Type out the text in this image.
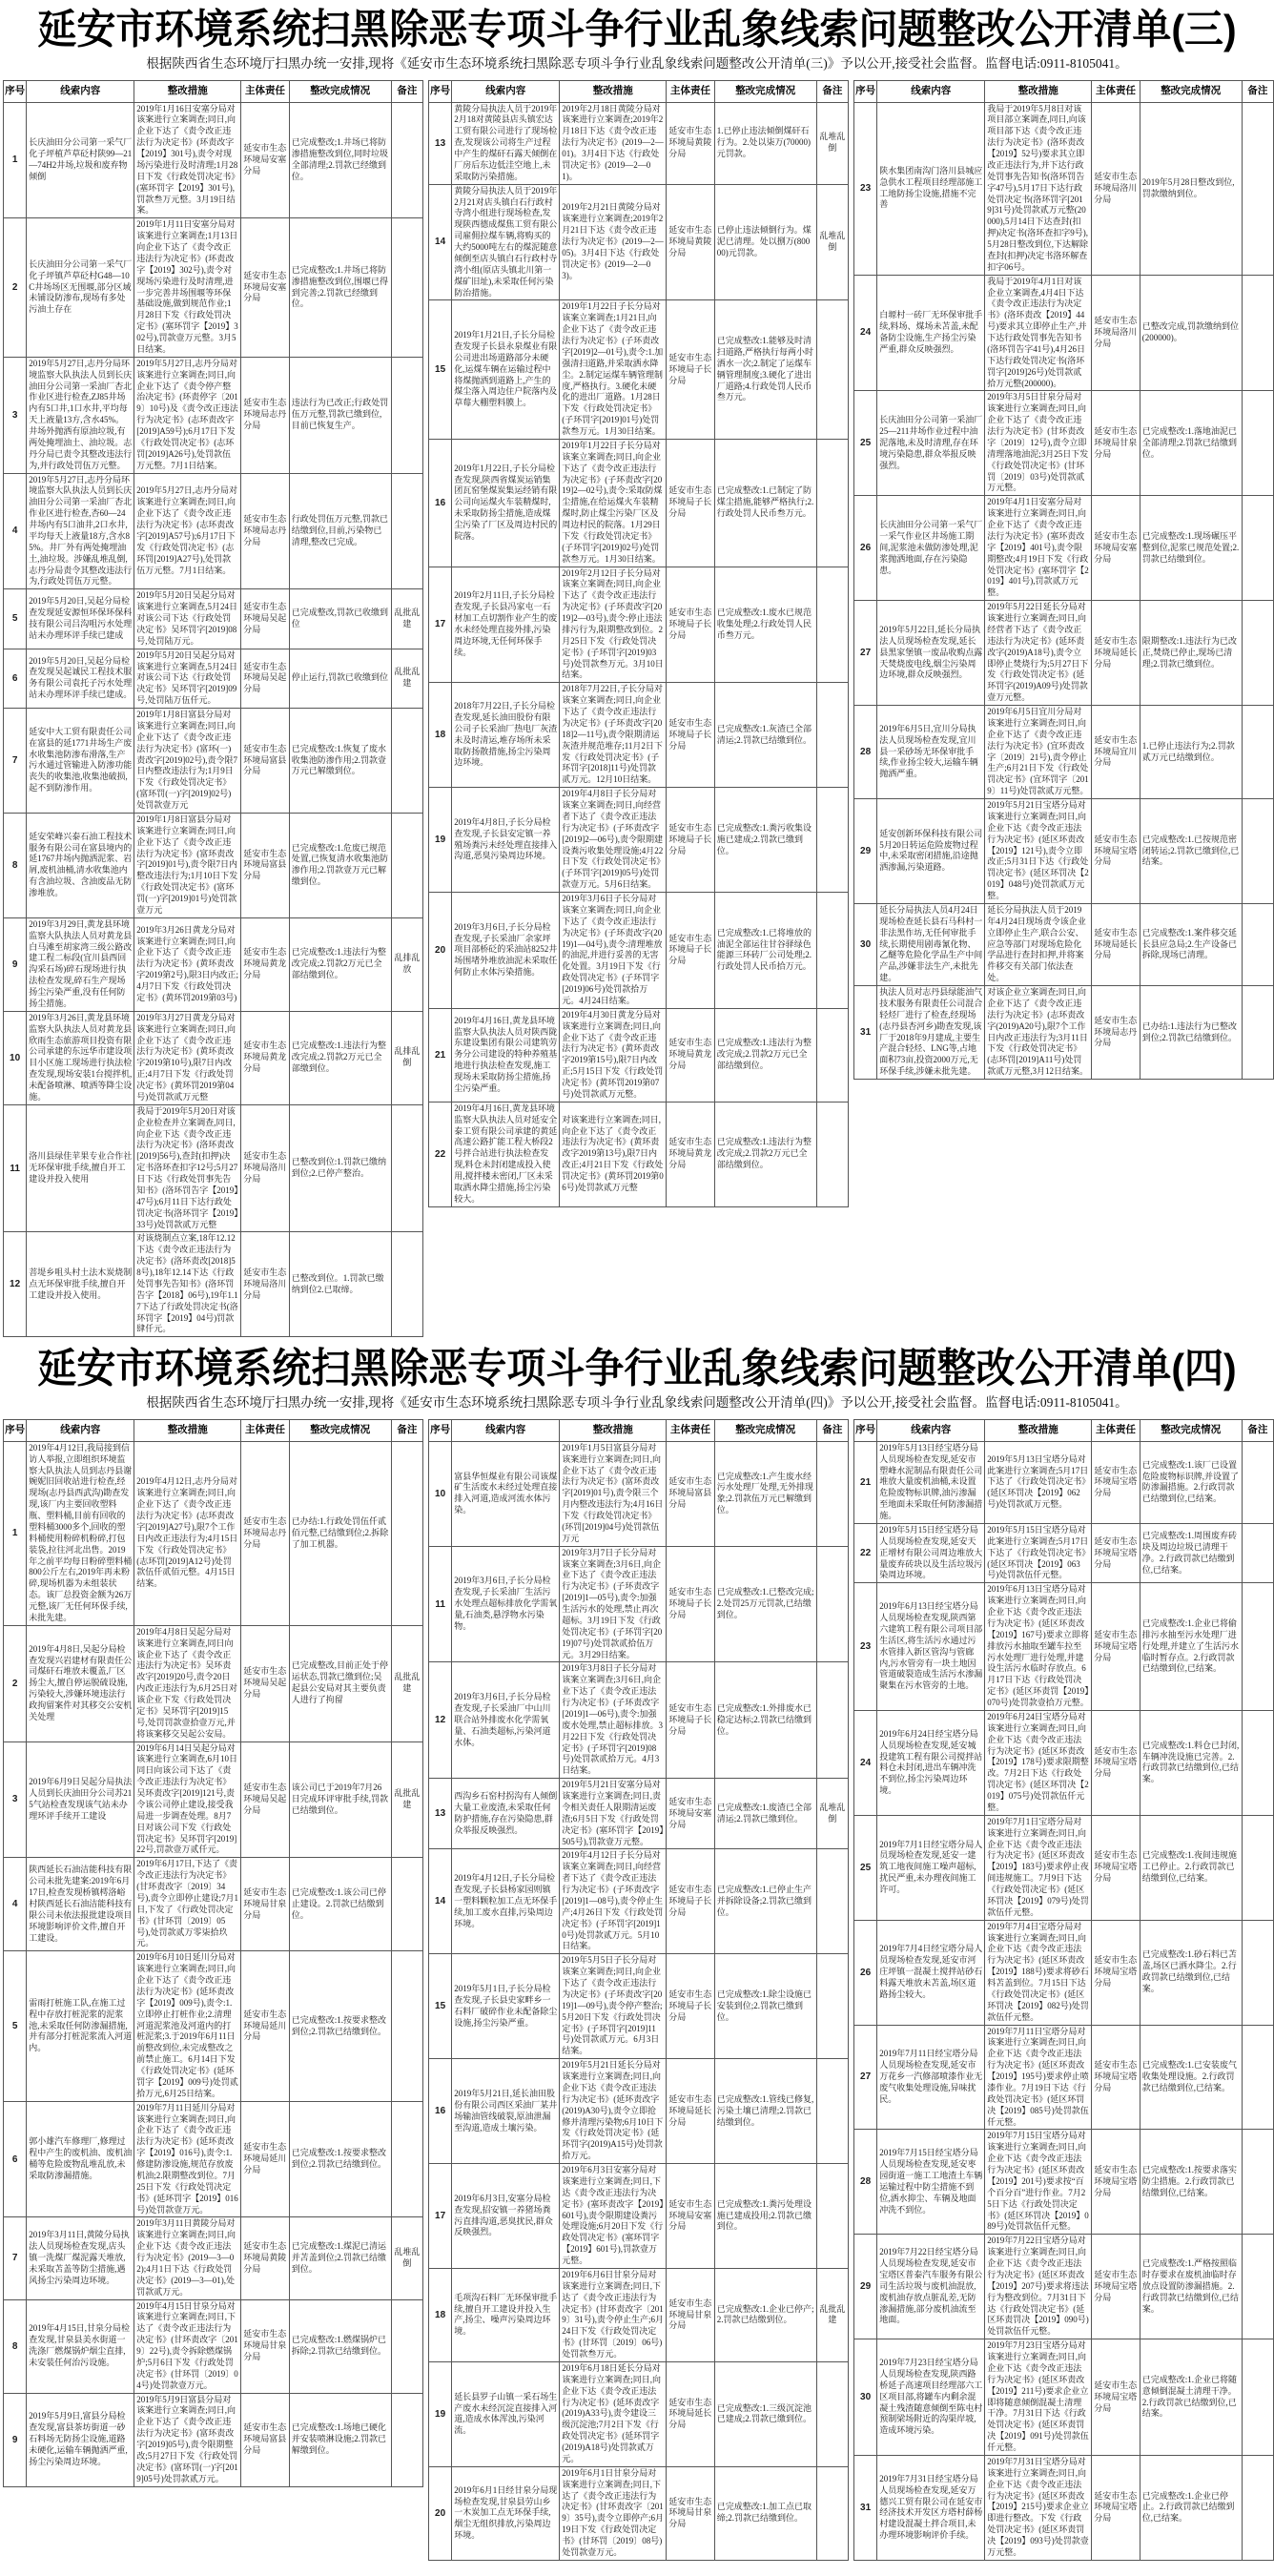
延安市环境系统扫黑除恶专项斗争行业乱象线索问题整改公开清单(三)

根据陕西省生态环境厅扫黑办统一安排,现将《延安市生态环境系统扫黑除恶专项斗争行业乱象线索问题整改公开清单(三)》予以公开,接受社会监督。监督电话:0911-8105041。

序号	线索内容	整改措施	主体责任	整改完成情况	备注
1	长庆油田分公司第一采气厂化子坪植芦草砭村陕99—21—74H2井场,垃圾和废弃物倾倒	2019年1月16日安塞分局对该案进行立案调查;同日,向企业下达了《责令改正违法行为决定书》(环责改字【2019】301号),责令对现场污染进行及时清理;1月28日下发《行政处罚决定书》(塞环罚字【2019】301号),罚款叁万元整。3月19日结案。	延安市生态环境局安塞分局	已完成整改;1.井场已将防渗措施整改到位,同时垃圾全部清理;2.罚款已经缴到位。	
2	长庆油田分公司第一采气厂化子坪镇芦草砭村G48—10C井场场区无围堰,部分区域未铺设防渗布,现场有多处污油土存在	2019年1月11日安塞分局对该案进行立案调查;1月13日向企业下达了《责令改正违法行为决定书》(环责改字【2019】302号),责令对现场污染进行及时清理,进一步完善井场围堰等环保基础设施,做到规范作业;1月28日下发《行政处罚决定书》(塞环罚字【2019】302号),罚款壹万元整。3月5日结案。	延安市生态环境局安塞分局	已完成整改;1.井场已将防渗措施整改到位,围堰已得到完善;2.罚款已经缴到位。	
3	2019年5月27日,志丹分局环境监察大队执法人员到长庆油田分公司第一采油厂杏北作业区进行检查,ZJ85井场内有5口井,1口水井,平均每天上液量13方,含水45%。井场外抛洒有原油垃圾,有两处掩埋油土、油垃圾。志丹分局已责令其整改违法行为,并行政处罚伍万元整。	2019年5月27日,志丹分局对该案进行立案调查;同日,向企业下达了《责令停产整治决定书》(环责停字〔2019〕10号)及《责令改正违法行为决定书》(志环责改字[2019]A59号);6月17日下发《行政处罚决定书》(志环罚[2019]A26号),处罚款伍万元整。7月1日结案。	延安市生态环境局志丹分局	违法行为已改正;行政处罚伍万元整,罚款已缴到位,目前已恢复生产。	
4	2019年5月27日,志丹分局环境监察大队执法人员到长庆油田分公司第一采油厂杏北作业区进行检查,杏60—24井场内有5口油井,2口水井,平均每天上液量18方,含水85%。井厂外有两处掩埋油土,油垃圾。涉嫌乱堆乱倒,志丹分局责令其整改违法行为,行政处罚伍万元整。	2019年5月27日,志丹分局对该案进行立案调查;同日,向企业下达了《责令改正违法行为决定书》(志环责改字[2019]A57号);6月17日下发《行政处罚决定书》(志环罚[2019]A27号),处罚款伍万元整。7月1日结案。	延安市生态环境局志丹分局	行政处罚伍万元整,罚款已结缴到位,目前,污染物已清理,整改已完成。	
5	2019年5月20日,吴起分局检查发现延安源恒环保环保科技有限公司吕沟咀污水处理站未办理环评手续已建成	2019年5月20日吴起分局对该案进行立案调查,5月24日对该公司下达《行政处罚决定书》吴环罚字[2019]08号,处罚陆万元。	延安市生态环境局吴起分局	已完成整改,罚款已收缴到位	乱批乱建
6	2019年5月20日,吴起分局检查发现吴起诚民工程技术服务有限公司袁托子污水处理站未办理环评手续已建成。	2019年5月20日吴起分局对该案进行立案调查,5月24日对该公司下达《行政处罚决定书》吴环罚字[2019]09号,处罚陆万伍仟元。	延安市生态环境局吴起分局	停止运行,罚款已收缴到位	乱批乱建
7	延安中大工贸有限责任公司在富县的延1771井场生产废水收集池防渗布滑落,生产污水通过管输进入防渗功能丧失的收集池,收集池破损,起不到防渗作用。	2019年1月8日富县分局对该案进行立案调查;同日,向企业下达了《责令改正违法行为决定书》(富环(一)责改字[2019]02号),责令限7日内整改违法行为;1月9日下发《行政处罚决定书》(富环罚(一)字[2019]02号)处罚款壹万元	延安市生态环境局富县分局	已完成整改:1.恢复了废水收集池防渗作用;2.罚款壹万元已解缴到位。	
8	延安荣峰兴泰石油工程技术服务有限公司在富县境内的延1767井场内抛洒泥浆、岩屑,废机油桶,清水收集池内有含油垃圾、含油废品无防渗堆放。	2019年1月8日富县分局对该案进行立案调查;同日,向企业下达了《责令改正违法行为决定书》(富环责改字[2019]01号),责令限7日内整改违法行为;1月10日下发《行政处罚决定书》(富环罚(一)字[2019]01号)处罚款壹万元	延安市生态环境局富县分局	已完成整改:1.危废已规范处置,已恢复清水收集池防渗作用;2.罚款壹万元已解缴到位。	
9	2019年3月29日,黄龙县环境监察大队执法人员对黄龙县白马滩至胡家湾三级公路改建工程二标段(宜川县西回沟采石场)碎石现场进行执法检查发现,碎石生产现场扬尘污染严重,没有任何防扬尘措施。	2019年3月26日黄龙分局对该案进行立案调查;同日,向企业下达了《责令改正违法行为决定书》(黄环责改字2019第2号),限3日内改正;4月7日下发《行政处罚决定书》(黄环罚2019第03号)	延安市生态环境局黄龙分局	已完成整改:1.违法行为整改完成;2.罚款2万元已全部结缴到位。	乱排乱放
10	2019年3月26日,黄龙县环境监察大队执法人员对黄龙县欣雨生态旅游项目投资有限公司承建的东远华市建设项目小区施工现场进行执法检查发现,现场安装1台搅拌机,未配备喷淋、喷洒等降尘设施。	2019年3月27日黄龙分局对该案进行立案调查;同日,向企业下达了《责令改正违法行为决定书》(黄环责改字2019第10号),限7日内改正;4月7日下发《行政处罚决定书》(黄环罚2019第04号)处罚款贰万元整	延安市生态环境局黄龙分局	已完成整改:1.违法行为整改完成;2.罚款2万元已全部缴到位。	乱排乱倒
11	洛川县绿佳苹果专业合作社无环保审批手续,擅自开工建设并投入使用	我局于2019年5月20日对该企业检查并立案调查,同日,向企业下达《责令改正违法行为决定书》(洛环责改[2019]56号),查封(扣押)决定书洛环查扣字12号;5月27日下达《行政处罚事先告知书》(洛环罚告字【2019】47号);6月11日下达行政处罚决定书(洛环罚字【2019】33号)处罚款贰万元整	延安市生态环境局洛川分局	已整改到位:1.罚款已缴纳到位;2.已停产整治。	
12	菩堤乡咀头村土法木炭烧制点无环保审批手续,擅自开工建设并投入使用。	对该烧制点立案,18年12.12下达《责令改正违法行为决定书》(洛环责改[2018]58号),18年12.14下达《行政处罚事先告知书》(洛环罚告字【2018】06号),19年1.17下达了行政处罚决定书(洛环罚字【2019】04号)罚款肆仟元。	延安市生态环境局洛川分局	已整改到位。1.罚款已缴纳到位2.已取缔。	
序号	线索内容	整改措施	主体责任	整改完成情况	备注
13	黄陵分局执法人员于2019年2月18对黄陵县店头镇宏达工贸有限公司进行了现场检查,发现该公司将生产过程中产生的煤矸石露天倾倒在厂房后东边低洼空地上,未采取防污染措施。	2019年2月18日黄陵分局对该案进行立案调查;2019年2月18日下达《责令改正违法行为决定书》(2019—2—01)。3月4日下达《行政处罚决定书》(2019—2—01)。	延安市生态环境局黄陵分局	1.已停止违法倾倒煤矸石行为。2.处以柒万(70000)元罚款。	乱堆乱倒
14	黄陵分局执法人员于2019年2月21对店头镇白石行政村寺湾小组进行现场检查,发现陕西德成煤焦工贸有限公司雇佣拉煤车辆,将购买的大约5000吨左右的煤泥随意倾倒至店头镇白石行政村寺湾小组(原店头镇北川第一煤矿旧址),未采取任何污染防治措施。	2019年2月21日黄陵分局对该案进行立案调查;2019年2月21日下达《责令改正违法行为决定书》(2019—2—05)。3月4日下达《行政处罚决定书》(2019—2—03)。	延安市生态环境局黄陵分局	已停止违法倾倒行为。煤泥已清理。处以捌万(80000)元罚款。	乱堆乱倒
15	2019年1月21日,子长分局检查发现子长县永泉煤业有限公司进出场道路部分未硬化,运煤车辆在运输过程中将煤抛洒到道路上,产生的煤尘落入周边住户院落内及草莓大棚塑料膜上。	2019年1月22日子长分局对该案立案调查;1月21日,向企业下达了《责令改正违法行为决定书》(子环责改字[2019]2—01号),责令:1.加强清扫道路,并采取洒水降尘。2.制定运煤车辆管理制度,严格执行。3.硬化未硬化的进出厂道路。1月28日下发《行政处罚决定书》(子环罚字[2019]01号)处罚款叁万元。1月30日结案。	延安市生态环境局子长分局	已完成整改:1.能够及时清扫道路,严格执行每两小时洒水一次;2.制定了运煤车辆管理制度;3.硬化了进出厂道路;4.行政处罚人民币叁万元。	
16	2019年1月22日,子长分局检查发现,陕西省煤炭运销集团瓦窑堡煤炭集运经销有限公司向运煤火车装精煤时,未采取防扬尘措施,造成煤尘污染了厂区及周边村民的院落。	2019年1月22日子长分局对该案立案调查;同日,向企业下达了《责令改正违法行为决定书》(子环责改字[2019]2—02号),责令:采取防煤尘措施,在给运煤火车装精煤时,防止煤尘污染厂区及周边村民的院落。1月29日下发《行政处罚决定书》(子环罚字[2019]02号)处罚款叁万元。1月30日结案。	延安市生态环境局子长分局	已完成整改:1.已制定了防煤尘措施,能够严格执行;2.行政处罚人民币叁万元。	
17	2019年2月11日,子长分局检查发现,子长县冯家屯一石材加工点切割作业产生的废水未经处理直接外排,污染周边环境,无任何环保手续。	2019年2月12日子长分局对该案立案调查;同日,向企业下达了《责令改正违法行为决定书》(子环责改字[2019]2—03号),责令:停止违法排污行为,限期整改到位。2月25日下发《行政处罚决定书》(子环罚字[2019]03号)处罚款叁万元。3月10日结案。	延安市生态环境局子长分局	已完成整改:1.废水已规范收集处理;2.行政处罚人民币叁万元。	
18	2018年7月22日,子长分局检查发现,延长油田股份有限公司子长采油厂热电厂灰渣未及时清运,堆存场所未采取防扬散措施,扬尘污染周边环境。	2018年7月22日,子长分局对该案立案调查;同日,向企业下达了《责令改正违法行为决定书》(子环责改字[2018]2—11号),责令限期清运灰渣并规范堆存;11月2日下发《行政处罚决定书》(子环罚字[2018]11号)处罚款贰万元。12月10日结案。	延安市生态环境局子长分局	已完成整改:1.灰渣已全部清运;2.罚款已结缴到位。	
19	2019年4月8日,子长分局检查发现,子长县安定镇一养殖场粪污未经处理直接排入沟道,恶臭污染周边环境。	2019年4月8日子长分局对该案立案调查;同日,向经营者下达了《责令改正违法行为决定书》(子环责改字[2019]2—06号),责令限期建设粪污收集处理设施;4月22日下发《行政处罚决定书》(子环罚字[2019]05号)处罚款壹万元。5月6日结案。	延安市生态环境局子长分局	已完成整改:1.粪污收集设施已建成;2.罚款已缴到位。	
20	2019年3月6日,子长分局检查发现,子长采油厂余家坪项目部桥砭的采油站8252井场围堵外堆放油泥未采取任何防止水体污染措施。	2019年3月6日子长分局对该案立案调查;同日,向企业下达了《责令改正违法行为决定书》(子环责改字(2019)1—04号),责令:清理堆放的油泥,并进行妥善的无害化处置。3月19日下发《行政处罚决定书》(子环罚字[2019]06号)处罚款拾万元。4月24日结案。	延安市生态环境局子长分局	已完成整改:1.已将堆放的油泥全部运往甘谷驿绿色能源三环砖厂公司处理;2.行政处罚人民币拾万元。	
21	2019年4月16日,黄龙县环境监察大队执法人员对陕西陇东建设集团有限公司建筑劳务分公司建设的特种养殖基地进行执法检查发现,施工现场未采取防扬尘措施,扬尘污染严重。	2019年4月30日黄龙分局对该案进行立案调查;同日,向企业下达了《责令改正违法行为决定书》(黄环责改字2019第15号),限7日内改正;5月15日下发《行政处罚决定书》(黄环罚2019第07号)处罚款贰万元整。	延安市生态环境局黄龙分局	已完成整改:1.违法行为整改完成;2.罚款2万元已全部结缴到位。	
22	2019年4月16日,黄龙县环境监察大队执法人员对延安全泰工贸有限公司承建的黄延高速公路扩能工程大桥段2号拌合站进行执法检查发现,料仓未封闭建成投入使用,搅拌楼未密闭,厂区未采取洒水降尘措施,扬尘污染较大。	对该案进行立案调查;同日,向企业下达了《责令改正违法行为决定书》(黄环责改字2019第13号),限7日内改正;4月21日下发《行政处罚决定书》(黄环罚2019第06号)处罚款贰万元整	延安市生态环境局黄龙分局	已完成整改:1.违法行为整改完成;2.罚款2万元已全部结缴到位。	
序号	线索内容	整改措施	主体责任	整改完成情况	备注
23	陕水集团南沟门洛川县城应急供水工程项目经理部施工工地防扬尘设施,措施不完善	我局于2019年5月8日对该项目部立案调查,同日,向该项目部下达《责令改正违法行为决定书》(洛环责改【2019】52号)要求其立即改正违法行为,并下达行政处罚事先告知书(洛环罚告字47号),5月17日下达行政处罚决定书(洛环罚字[2019]31号)处罚款贰万元整(20000),5月14日下达查封(扣押)决定书(洛环查扣字9号),5月28日整改到位,下达解除查封(扣押)决定书洛环解查扣字06号。	延安市生态环境局洛川分局	2019年5月28日整改到位,罚款缴纳到位。	
24	白塬村一砖厂无环保审批手续,料场、煤场未苫盖,未配备防尘设施,生产扬尘污染严重,群众反映强烈。	我局于2019年4月1日对该企业立案调查,4月4日下达《责令改正违法行为决定书》(洛环责改【2019】44号)要求其立即停止生产,并下达行政处罚事先告知书(洛环罚告字41号),4月26日下达行政处罚决定书(洛环罚字[2019]26号)处罚款贰拾万元整(200000)。	延安市生态环境局洛川分局	已整改完成,罚款缴纳到位(200000)。	
25	长庆油田分公司第一采油厂25—211井场作业过程中油泥落地,未及时清理,存在环境污染隐患,群众举报反映强烈。	2019年3月5日甘泉分局对该案进行立案调查;同日,向企业下达了《责令改正违法行为决定书》(甘环责改字〔2019〕12号),责令立即清理落地油泥;3月25日下发《行政处罚决定书》(甘环罚〔2019〕03号)处罚款贰万元整。	延安市生态环境局甘泉分局	已完成整改:1.落地油泥已全部清理;2.罚款已结缴到位。	
26	长庆油田分公司第一采气厂一采气作业区井场施工期间,泥浆池未做防渗处理,泥浆抛洒地面,存在污染隐患。	2019年4月1日安塞分局对该案进行立案调查;同日,向企业下达了《责令改正违法行为决定书》(塞环责改字【2019】401号),责令限期整改;4月19日下发《行政处罚决定书》(塞环罚字【2019】401号),罚款贰万元整。	延安市生态环境局安塞分局	已完成整改:1.现场碾压平整到位,泥浆已规范处置;2.罚款已结缴到位。	
27	2019年5月22日,延长分局执法人员现场检查发现,延长县黑家堡镇一废品收购点露天焚烧废电线,烟尘污染周边环境,群众反映强烈。	2019年5月22日延长分局对该案进行立案调查;同日,向经营者下达了《责令改正违法行为决定书》(延环责改字(2019)A18号),责令立即停止焚烧行为;5月27日下发《行政处罚决定书》(延环罚字(2019)A09号)处罚款壹万元整。	延安市生态环境局延长分局	限期整改:1.违法行为已改正,焚烧已停止,现场已清理;2.罚款已缴到位。	
28	2019年6月5日,宜川分局执法人员现场检查发现,宜川县一采砂场无环保审批手续,作业扬尘较大,运输车辆抛洒严重。	2019年6月5日宜川分局对该案进行立案调查;同日,向企业下达了《责令改正违法行为决定书》(宜环责改字〔2019〕21号),责令停止生产;6月21日下发《行政处罚决定书》(宜环罚字〔2019〕11号)处罚款贰万元整。	延安市生态环境局宜川分局	1.已停止违法行为;2.罚款贰万元已结缴到位。	
29	延安创新环保科技有限公司5月20日转运危险废物过程中,未采取密闭措施,沿途抛洒渗漏,污染道路。	2019年5月21日宝塔分局对该案进行立案调查;同日,向企业下达《责令改正违法行为决定书》(延区环责改【2019】121号),责令立即改正;5月31日下达《行政处罚决定书》(延区环罚决【2019】048号)处罚款贰万元整。	延安市生态环境局宝塔分局	已完成整改:1.已按规范密闭转运;2.罚款已缴到位,已结案。	
30	延长分局执法人员4月24日现场检查延长县石马科村一非法黑作坊,无任何审批手续,长期使用剧毒氰化物、乙醚等危险化学品生产中间产品,涉嫌非法生产,未批先建。	延长分局执法人员于2019年4月24日现场责令该企业立即停止生产,联合公安、应急等部门对现场危险化学品进行查封扣押,并将案件移交有关部门依法查处。	延安市生态环境局延长分局	已完成整改:1.案件移交延长县应急局;2.生产设备已拆除,现场已清理。	
31	执法人员对志丹县绿能油气技术服务有限责任公司混合轻烃厂进行了检查,经现场(志丹县杏河乡)勘查发现,该厂于2018年9月建成,主要生产混合轻烃、LNG等,占地面积73亩,投资2000万元,无环保手续,涉嫌未批先建。	对该企业立案调查;同日,向企业下达了《责令改正违法行为决定书》(志环责改字(2019)A20号),限7个工作日内改正违法行为;3月11日下发《行政处罚决定书》(志环罚[2019]A11号)处罚款贰万元整,3月12日结案。	延安市生态环境局志丹分局	已办结:1.违法行为已整改到位;2.罚款已结缴到位。	
延安市环境系统扫黑除恶专项斗争行业乱象线索问题整改公开清单(四)

根据陕西省生态环境厅扫黑办统一安排,现将《延安市生态环境系统扫黑除恶专项斗争行业乱象线索问题整改公开清单(四)》予以公开,接受社会监督。监督电话:0911-8105041。

序号	线索内容	整改措施	主体责任	整改完成情况	备注
1	2019年4月12日,我局接到信访人举报,立即组织环境监察大队执法人员到志丹县谢婉妮旧回收站进行检查,经现场(志丹县西武沟)勘查发现,该厂内主要回收塑料瓶、塑料桶,目前有回收的塑料桶3000多个,回收的塑料桶使用粉碎机粉碎,打包装袋,拉往河北出售。2019年之前平均每日粉碎塑料桶800公斤左右,2019年再未粉碎,现场机器为未组装状态。该厂总投资金额为26万元整,该厂无任何环保手续,未批先建。	2019年4月12日,志丹分局对该案进行立案调查;同日,向企业下达了《责令改正违法行为决定书》(志环责改字[2019]A27号),限7个工作日内改正违法行为;4月15日下发《行政处罚决定书》(志环罚[2019]A12号)处罚款伍仟贰佰元整。4月15日结案。	延安市生态环境局志丹分局	已办结:1.行政处罚伍仟贰佰元整,已结缴到位;2.拆除了加工机器。	
2	2019年4月8日,吴起分局检查发现兴岩建材有限责任公司煤矸石堆放未覆盖,厂区扬尘大,擅自停运脱硫设施,污染较大,涉嫌环境违法行政拘留案件对其移交公安机关处理	2019年4月8日吴起分局对该案进行立案调查,同日向该企业下达了《责令改正违法行为决定书》吴环责改字[2019]20号,责令20日内改正违法行为,6月25日对该企业下发《行政处罚决定书》吴环罚字[2019]15号,处罚罚款壹拾壹万元,并将该案移交吴起公安局。	延安市生态环境局吴起分局	已完成整改,目前正处于停运状态,罚款已缴到位;吴起县公安局对其主要负责人进行了拘留	乱批乱建
3	2019年6月9日吴起分局执法人员到长庆油田分公司苏215气站检查发现该气站未办理环评手续开工建设	2019年6月14日吴起分局对该案进行立案调查,6月10日同日向该公司下达了《责令改正违法行为决定书》吴环责改字[2019]121号,责令该公司停止建设,接受我局进一步调查处理。8月7日对该公司下发《行政处罚决定书》吴环罚字[2019]22号,罚款壹万贰仟元。	延安市生态环境局吴起分局	该公司已于2019年7月26日完成环评审批手续,罚款已结缴到位。	乱批乱建
4	陕西延长石油洁能科技有限公司未批先建案:2019年6月17日,检查发现桥镇樗洛峪村陕西延长石油洁能科技有限公司未依法报批建设项目环境影响评价文件,擅自开工建设。	2019年6月17日,下达了《责令改正违法行为决定书》(甘环责改字〔2019〕34号),责令立即停止建设;7月1日,下发了《行政处罚决定书》(甘环罚〔2019〕05号),处罚款贰万零柒拾玖元。	延安市生态环境局甘泉分局	已完成整改:1.该公司已停止建设。2.罚款已结缴到位。	
5	雷雨打桩施工队,在施工过程中存放打桩泥浆的泥浆池,未采取任何防渗漏措施,并有部分打桩泥浆流入河道内。	2019年6月10日延川分局对该案进行立案调查;同日,向企业下达了《责令改正违法行为决定书》(延环责改字【2019】009号),责令:1.立即停止打桩作业;2.清理河道泥浆池及河道内的打桩泥浆;3.于2019年6月11日前整改到位,未完成整改之前禁止施工。6月14日下发《行政处罚决定书》(延环罚字【2019】009号)处罚贰拾万元,6月25日结案。	延安市生态环境局延川分局	已完成整改:1.按要求整改到位;2.罚款已结缴到位。	
6	郭小雄汽车修理厂,修理过程中产生的废机油、废机油桶等危险废物乱堆乱放,未采取防渗漏措施。	2019年7月11日延川分局对该案进行立案调查;同日,向企业下达了《责令改正违法行为决定书》(延环责改字【2019】016号),责令:1.修建防渗设施,规范存放废机油;2.限期整改到位。7月25日下发《行政处罚决定书》(延环罚字【2019】016号)处罚款壹万元。	延安市生态环境局延川分局	已完成整改:1.按要求整改到位;2.罚款已结缴到位。	
7	2019年3月11日,黄陵分局执法人员现场检查发现,店头镇一洗煤厂煤泥露天堆放,未采取苫盖等防尘措施,遇风扬尘污染周边环境。	2019年3月11日黄陵分局对该案进行立案调查;同日,向企业下达《责令改正违法行为决定书》(2019—3—02);4月1日下达《行政处罚决定书》(2019—3—01),处罚款贰万元。	延安市生态环境局黄陵分局	已完成整改:1.煤泥已清运并苫盖到位;2.罚款已结缴到位。	乱堆乱倒
8	2019年4月15日,甘泉分局检查发现,甘泉县美水街道一洗涤厂燃煤锅炉烟尘直排,未安装任何治污设施。	2019年4月15日甘泉分局对该案进行立案调查;同日,下达了《责令改正违法行为决定书》(甘环责改字〔2019〕22号),责令拆除燃煤锅炉;5月6日下发《行政处罚决定书》(甘环罚〔2019〕04号)处罚款壹万元。	延安市生态环境局甘泉分局	已完成整改:1.燃煤锅炉已拆除;2.罚款已结缴到位。	
9	2019年5月9日,富县分局检查发现,富县茶坊街道一砂石料场无防扬尘设施,道路未硬化,运输车辆抛洒严重,扬尘污染周边环境。	2019年5月9日富县分局对该案进行立案调查;同日,向企业下达了《责令改正违法行为决定书》(富环责改字[2019]05号),责令限期整改;5月27日下发《行政处罚决定书》(富环罚(一)字[2019]05号)处罚款贰万元。	延安市生态环境局富县分局	已完成整改:1.场地已硬化并安装喷淋设施;2.罚款已解缴到位。	
序号	线索内容	整改措施	主体责任	整改完成情况	备注
10	富县华恒煤业有限公司该煤矿生活废水未经过处理直接排入河道,造成河流水体污染。	2019年1月5日富县分局对该案进行立案调查;同日,向企业下达了《责令改正违法行为决定书》(富环责改字[2019]01号),责令限三个月内整改违法行为;4月16日下发《行政处罚决定书》(环罚[2019]04号)处罚款伍万元	延安市生态环境局富县分局	已完成整改:1.产生废水经污水处理厂处理,无外排现象;2.罚款伍万元已解缴到位。	
11	2019年3月6日,子长分局检查发现,子长采油厂生活污水处理点超标排放化学需氧量,石油类,悬浮物水污染物。	2019年3月7日子长分局对该案立案调查;3月6日,向企业下达了《责令改正违法行为决定书》(子环责改字[2019]1—05号),责令:加强生活污水的处理,禁止再次超标。3月19日下发《行政处罚决定书》(子环罚字[2019]07号)处罚款贰拾伍万元。3月29日结案。	延安市生态环境局子长分局	已完成整改:1.已整改完成;2.处罚25万元罚款,已结缴到位。	
12	2019年3月6日,子长分局检查发现,子长采油厂中山川联合站外排废水化学需氧量、石油类超标,污染河道水体。	2019年3月8日子长分局对该案立案调查;3月6日,向企业下达了《责令改正违法行为决定书》(子环责改字[2019]1—06号),责令:加强废水处理,禁止超标排放。3月22日下发《行政处罚决定书》(子环罚字[2019]08号)处罚款贰拾万元。4月3日结案。	延安市生态环境局子长分局	已完成整改:1.外排废水已稳定达标;2.罚款已结缴到位。	
13	西沟乡石窑村拐沟有人倾倒大量工业废渣,未采取任何防护措施,存在污染隐患,群众举报反映强烈。	2019年5月21日安塞分局对该案进行立案调查;同日,责令相关责任人限期清运废渣;6月5日下发《行政处罚决定书》(塞环罚字【2019】505号),罚款壹万元整。	延安市生态环境局安塞分局	已完成整改:1.废渣已全部清运;2.罚款已缴到位。	乱堆乱倒
14	2019年4月12日,子长分局检查发现,子长县杨家园则镇一塑料颗粒加工点无环保手续,加工废水直排,污染周边环境。	2019年4月12日子长分局对该案立案调查;同日,向经营者下达了《责令改正违法行为决定书》(子环责改字[2019]1—08号),责令停止生产;4月26日下发《行政处罚决定书》(子环罚字[2019]10号)处罚款贰万元。5月10日结案。	延安市生态环境局子长分局	已完成整改:1.已停止生产并拆除设备;2.罚款已缴到位。	
15	2019年5月1日,子长分局检查发现,子长县史家畔乡一石料厂破碎作业未配备除尘设施,扬尘污染严重。	2019年5月5日子长分局对该案立案调查;同日,向企业下达了《责令改正违法行为决定书》(子环责改字[2019]1—09号),责令停产整治;5月20日下发《行政处罚决定书》(子环罚字[2019]11号)处罚款贰万元。6月3日结案。	延安市生态环境局子长分局	已完成整改:1.除尘设施已安装到位;2.罚款已缴到位。	
16	2019年5月21日,延长油田股份有限公司西区采油厂某井场输油管线破裂,原油泄漏至沟道,造成土壤污染。	2019年5月21日延长分局对该案进行立案调查;同日,向企业下达《责令改正违法行为决定书》(延环责改字(2019)A30号),责令立即抢修并清理污染物;6月10日下发《行政处罚决定书》(延环罚字(2019)A15号)处罚款拾万元。	延安市生态环境局延长分局	已完成整改:1.管线已修复,污染土壤已清理;2.罚款已结缴到位。	
17	2019年6月3日,安塞分局检查发现,招安镇一养猪场粪污直排沟道,恶臭扰民,群众反映强烈。	2019年6月3日安塞分局对该案进行立案调查;同日,下达《责令改正违法行为决定书》(塞环责改字【2019】601号),责令限期建设粪污处理设施;6月20日下发《行政处罚决定书》(塞环罚字【2019】601号),罚款壹万元整。	延安市生态环境局安塞分局	已完成整改:1.粪污处理设施已建成投用;2.罚款已缴到位。	
18	毛项沟石料厂无环保审批手续,擅自开工建设并投入生产,扬尘、噪声污染周边环境。	2019年6月6日甘泉分局对该案进行立案调查;同日,下达了《责令改正违法行为决定书》(甘环责改字〔2019〕31号),责令停止生产;6月24日下发《行政处罚决定书》(甘环罚〔2019〕06号)处罚款叁万元。	延安市生态环境局甘泉分局	已完成整改:1.企业已停产;2.罚款已结缴到位。	乱批乱建
19	延长县罗子山镇一采石场生产废水未经沉淀直接排入河道,造成水体浑浊,污染河流。	2019年6月18日延长分局对该案进行立案调查;同日,向企业下达《责令改正违法行为决定书》(延环责改字(2019)A33号),责令建设三级沉淀池;7月2日下发《行政处罚决定书》(延环罚字(2019)A18号)处罚款贰万元。	延安市生态环境局延长分局	已完成整改:1.三级沉淀池已建成;2.罚款已缴到位。	
20	2019年6月1日经甘泉分局现场检查发现,甘泉县劳山乡一木炭加工点无环保手续,烟尘无组织排放,污染周边环境。	2019年6月1日甘泉分局对该案进行立案调查;同日,下达了《责令改正违法行为决定书》(甘环责改字〔2019〕35号),责令立即停产;6月19日下发《行政处罚决定书》(甘环罚〔2019〕08号)处罚款壹万元。	延安市生态环境局甘泉分局	已完成整改:1.加工点已取缔;2.罚款已结缴到位。	
序号	线索内容	整改措施	主体责任	整改完成情况	备注
21	2019年5月13日经宝塔分局人员现场检查发现,延安市塑峰水泥制品有限责任公司堆放大量废机油桶,未设置危险废物标识牌,油污渗漏至地面未采取任何防渗漏措施。	2019年5月13日宝塔分局对此案进行立案调查;5月17日下达了《行政处罚决定书》(延区环罚决【2019】062号)处罚款贰万元整。	延安市生态环境局宝塔分局	已完成整改:1.该厂已设置危险废物标识牌,并设置了防渗漏措施。2.行政罚款已结缴到位,已结案。	
22	2019年5月15日经宝塔分局人员现场检查发现,延安天正增材有限公司周边堆放大量废弃砖块以及生活垃圾污染周边环境。	2019年5月15日宝塔分局对此案进行立案调查;5月17日下达了《行政处罚决定书》(延区环罚决【2019】063号)处罚款伍仟元整。	延安市生态环境局宝塔分局	已完成整改:1.周围废弃砖块及周边垃圾已清理干净。2.行政罚款已结缴到位,已结案。	
23	2019年6月13日经宝塔分局人员现场检查发现,陕西第六建筑工程有限公司项目部生活区,将生活污水通过污水管排入新区管沟与管廊内,污水管旁有一块土地因管道破裂造成生活污水渗漏聚集在污水管旁的土地。	2019年6月13日宝塔分局对该案进行立案调查;同日,向企业下达《责令改正违法行为决定书》(延区环责改【2019】167号)要求立即将排放污水抽取至罐车拉至污水处理厂进行处理,并建设生活污水临时存放点。6月17日下达《行政处罚决定书》(延区环责罚【2019】070号)处罚款壹拾万元整。	延安市生态环境局宝塔分局	已完成整改:1.企业已将偷排污水抽至污水处理厂进行处理,并建立了生活污水临时暂存点。2.行政罚款已结缴到位,已结案。	
24	2019年6月24日经宝塔分局人员现场检查发现,延安城投建筑工程有限公司搅拌站料仓未封闭,进出车辆冲洗不到位,扬尘污染周边环境。	2019年6月24日宝塔分局对该案进行立案调查;同日,向企业下达《责令改正违法行为决定书》(延区环责改【2019】178号)要求限期整改。7月2日下达《行政处罚决定书》(延区环罚决【2019】075号)处罚款伍仟元整。	延安市生态环境局宝塔分局	已完成整改:1.料仓已封闭,车辆冲洗设施已完善。2.行政罚款已结缴到位,已结案。	
25	2019年7月1日经宝塔分局人员现场检查发现,延安一建筑工地夜间施工噪声超标,扰民严重,未办理夜间施工许可。	2019年7月1日宝塔分局对该案进行立案调查;同日,向企业下达《责令改正违法行为决定书》(延区环责改【2019】183号)要求停止夜间违规施工。7月9日下达《行政处罚决定书》(延区环罚决【2019】079号)处罚款伍仟元整。	延安市生态环境局宝塔分局	已完成整改:1.夜间违规施工已停止。2.行政罚款已结缴到位,已结案。	
26	2019年7月4日经宝塔分局人员现场检查发现,延安市河庄坪镇一混凝土搅拌站砂石料露天堆放未苫盖,场区道路扬尘较大。	2019年7月4日宝塔分局对该案进行立案调查;同日,向企业下达《责令改正违法行为决定书》(延区环责改【2019】188号)要求将砂石料苫盖到位。7月15日下达《行政处罚决定书》(延区环罚决【2019】082号)处罚款伍仟元整。	延安市生态环境局宝塔分局	已完成整改:1.砂石料已苫盖,场区已洒水降尘。2.行政罚款已结缴到位,已结案。	
27	2019年7月11日经宝塔分局人员现场检查发现,延安市万花乡一汽修部喷漆作业无废气收集处理设施,异味扰民。	2019年7月11日宝塔分局对该案进行立案调查;同日,向企业下达《责令改正违法行为决定书》(延区环责改【2019】195号)要求停止喷漆作业。7月19日下达《行政处罚决定书》(延区环罚决【2019】085号)处罚款伍仟元整。	延安市生态环境局宝塔分局	已完成整改:1.已安装废气收集处理设施。2.行政罚款已结缴到位,已结案。	
28	2019年7月15日经宝塔分局人员现场检查发现,延安枣园街道一施工工地渣土车辆运输过程中防尘措施不到位,洒水抑尘、车辆及地面冲洗不到位。	2019年7月15日宝塔分局对该案进行立案调查;同日,向企业下达《责令改正违法行为决定书》(延区环责改【2019】201号)要求按“百个百分百”进行作业。7月25日下达《行政处罚决定书》(延区环罚决【2019】089号)处罚款伍仟元整。	延安市生态环境局宝塔分局	已完成整改:1.按要求落实防尘措施。2.行政罚款已结缴到位,已结案。	
29	2019年7月22日经宝塔分局人员现场检查发现,延安市宝塔区普泰汽车服务有限公司生活垃圾与废机油混放,废机油存放点脏乱差,无防渗漏措施,部分废机油流至地面。	2019年7月22日宝塔分局对该案进行立案调查;同日,向企业下达《责令改正违法行为决定书》(延区环责改【2019】207号)要求将违法行为整改到位。7月31日下达《行政处罚决定书》(延区环责罚决【2019】090号)处罚款伍仟元整。	延安市生态环境局宝塔分局	已完成整改:1.严格按照临时存要求在废机油临时存放点设置防渗漏措施。2.行政罚款已结缴到位,已结案。	
30	2019年7月23日经宝塔分局人员现场检查发现,陕西路桥延子高速项目经理部六工区项目部,将罐车内剩余混凝土残渣随意倾倒至陈屯村预制梁场附近的沟渠岸坡,造成环境污染。	2019年7月23日宝塔分局对该案进行立案调查;同日,向企业下达《责令改正违法行为决定书》(延区环责改【2019】211号)要求企业立即将随意倾倒混凝土清理干净。7月31日下达《行政处罚决定书》(延区环责罚决【2019】091号)处罚款伍仟元整。	延安市生态环境局宝塔分局	已完成整改:1.企业已将随意倾倒混凝土清理干净。2.行政罚款已结缴到位,已结案。	
31	2019年7月31日经宝塔分局人员现场检查发现,延安万德兴工贸有限公司在延安市经济技术开发区方塔村薛杨村建设混凝土拌合项目,未办理环境影响评价手续。	2019年7月31日宝塔分局对该案进行立案调查;同日,向企业下达《责令改正违法行为决定书》(延区环责改【2019】215号)要求企业立即进行整改。下发《行政处罚决定书》(延区环责罚决【2019】093号)处罚款壹万元整。	延安市生态环境局宝塔分局	已完成整改:1.企业已停止。2.行政罚款已结缴到位,已结案。	
